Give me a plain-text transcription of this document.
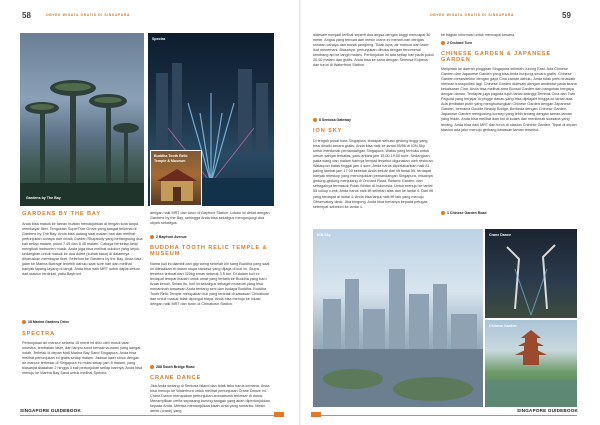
58	OBYEK WISATA GRATIS DI SINGAPURA
Gardens by The Bay
Spectra
Buddha Tooth Relic Temple & Museum
GARDENS BY THE BAY
Anda bisa masuk ke taman buatan menakjubkan di tengah kota tanpa membayar tiket. Tengoklah SuperTree Grove yang sangat terkenal di Gardens by The Bay. Anda bisa datang saat malam hari dan melihat pertunjukan cahaya dan musik Garden Rhapsody yang berlangsung dua kali setiap malam, pukul 7.45 dan 8.45 malam. Cahaya berkelap-kelip mengikuti instrumen musik. Anda juga bisa melihat outdoor yang sejuk, sedangkan untuk masuk ke dua dome (kubah kaca) di dalamnya diharuskan membayar tiket. Sebelum ke Gardens by the Bay, Anda bisa jalan ke Marina Barrage terlebih dahulu saat sore hari dan melihat banyak layang-layang di langit. Anda bisa naik MRT untuk dapat keluar dari stasiun terdekat, yaitu Bayfront.
18 Marina Gardens Drive
SPECTRA
Pertunjukan air mancur selama 15 menit ini diisi oleh musik latar orkestra, tembakan laser, dan lampu sorot berwarna-warni yang sangat indah. Terletak di depan Mall Marina Bay Sand Singapura, Anda bisa melihat pertunjukan ini gratis setiap malam. Jadwal laser show dengan air mancur terbesar di Singapura ini mulai setiap jam 8 malam, yang biasanya diadakan 2 hingga 3 kali pertunjukan setiap harinya. Anda bisa menuju ke Marina Bay Sand untuk melihat Spectra
dengan naik MRT dan turun di Bayfront Station. Lokasi ini dekat dengan Gardens by the Bay, sehingga Anda bisa sekaligus mengunjungi dua obyek sekaligus.
2 Bayfront Avenue
BUDDHA TOOTH RELIC TEMPLE & MUSEUM
Nama kuil ini diambil dari gigi taring sebelah kiri sang Buddha yang saat ini diletakkan di dalam stupa raksasa yang dijaga di kuil ini. Stupa tersebut terbuat dari 320kg emas seberat 3,5 ton. Di dalam kuil ini terdapat tempat ibadah untuk umat yang tertarik ke Buddha yang baru Anda kenali. Selain itu, kuil ini sekaligus sebagai museum yang bisa menambah wawasan Anda tentang seni dan budaya Buddha. Buddha Tooth Relic Temple merupakan kuil yang terletak di kawasan Chinatown dan untuk masuk tidak dipungut biaya. Anda bisa menuju ke lokasi dengan naik MRT dan turun di Chinatown Station.
288 South Bridge Road
CRANE DANCE
Jika Anda sedang di Sentosa Island dan tidak tahu harus kemana, Anda bisa menuju ke Waterfront untuk melihat pertunjukan Crane Dance ini. Crane Dance merupakan pertunjukan animatronik terbesar di dunia. Menampilkan cerita sepasang burung bangau yang akan dipertunjukkan kepada Anda. Mereka menampilkan kisah cinta yang romantis. Mesin derek (crane) yang
SINGAPORE GUIDEBOOK
OBYEK WISATA GRATIS DI SINGAPURA	59
didesain menjadi terlihat seperti dua angsa dengan tinggi mencapai 30 meter. Angsa yang terbuat dari mesin crane ini menari-nari dengan sorotan cahaya dan musik pengiring. Tidak lupa, air mancur dan laser ikut menemani. Biasanya, pertunjukan dibuka dengan fenomenal kembang api ke langit malam. Pertunjukan ini ada setiap hari pada pukul 20.00 malam dan gratis. Anda bisa ke sana dengan Sentosa Express dan turun di Waterfront Station.
8 Sentosa Gateway
ION SKY
Di tengah pusat kota Singapura, terdapat sebuah gedung tinggi yang bisa dinaiki secara gratis. Anda bisa naik ke lantai 55/56 di ION Sky untuk menikmati pemandangan Singapura. Waktu yang terbuka untuk umum sangat terbatas, yaitu antara jam 15.00-19.00 sore. Sedangkan, pada siang dan malam harinya tempat tersebut digunakan oleh restoran. Walaupun batas tinggal jam 4 sore, Anda harus dipertahankan naik 81 paling lambat jam 17.00 sebelah Anda keluar dari lift lantai 55, terdapat banyak teleskop yang menunjukkan pemandangan Singapura, misalnya gedung-gedung menjulang di Orchard Road, Botanic Garden, dan sebagainya termasuk Pulau Bintan di Indonesia. Untuk menuju ke lantai 55 cukup rumit, Anda harus naik lift sebelah atas dan ke lantai 4. Dari lift yang terdapat di lantai 4, Anda bisa lanjut naik lift lain yang menuju Observatory deck. Jika bingung, Anda bisa bertanya kepada petugas setempat sebelum ke lantai 4.
ke bagian informasi untuk mencapai kesana.
2 Orchard Turn
CHINESE GARDEN & JAPANESE GARDEN
Melipirlah ke daerah pinggiran Singapura sebelah Jurong East. Ada Chinese Garden dan Japanese Garden yang bisa Anda kunjungi secara gratis. Chinese Garden berarsitektur dengan gaya Cina zaman dahulu. Anda tidak perlu khawatir mencari transportasi lagi. Chinese Garden didesain dengan arsitektur pada istana kekaisaran Cina. Anda bisa melihat area Bonsai Garden dan bangunan bergaya dengan danau. Terdapat juga pagoda tujuh lantai setinggi Tembok Cina dan Twin Pagoda yang berjajar di pinggir danau yang bisa dijelajahi hingga ke lantai atas. Ada jembatan putih yang menghubungkan Chinese Garden dengan Japanese Garden, bernama Double Beauty Bridge. Berbeda dengan Chinese Garden, Japanese Garden mengusung konsep yang lebih tenang dengan taman-taman yang indah. Anda bisa melihat ikan koi di kolam dan menikmati suasana yang tenang. Anda bisa naik MRT dan turun di stasiun Chinese Garden. Tepat di depan stasiun ada jalur menuju gerbang kawasan taman tersebut.
1 Chinese Garden Road
ION Sky	Crane Dance
Chinese Garden
SINGAPORE GUIDEBOOK
